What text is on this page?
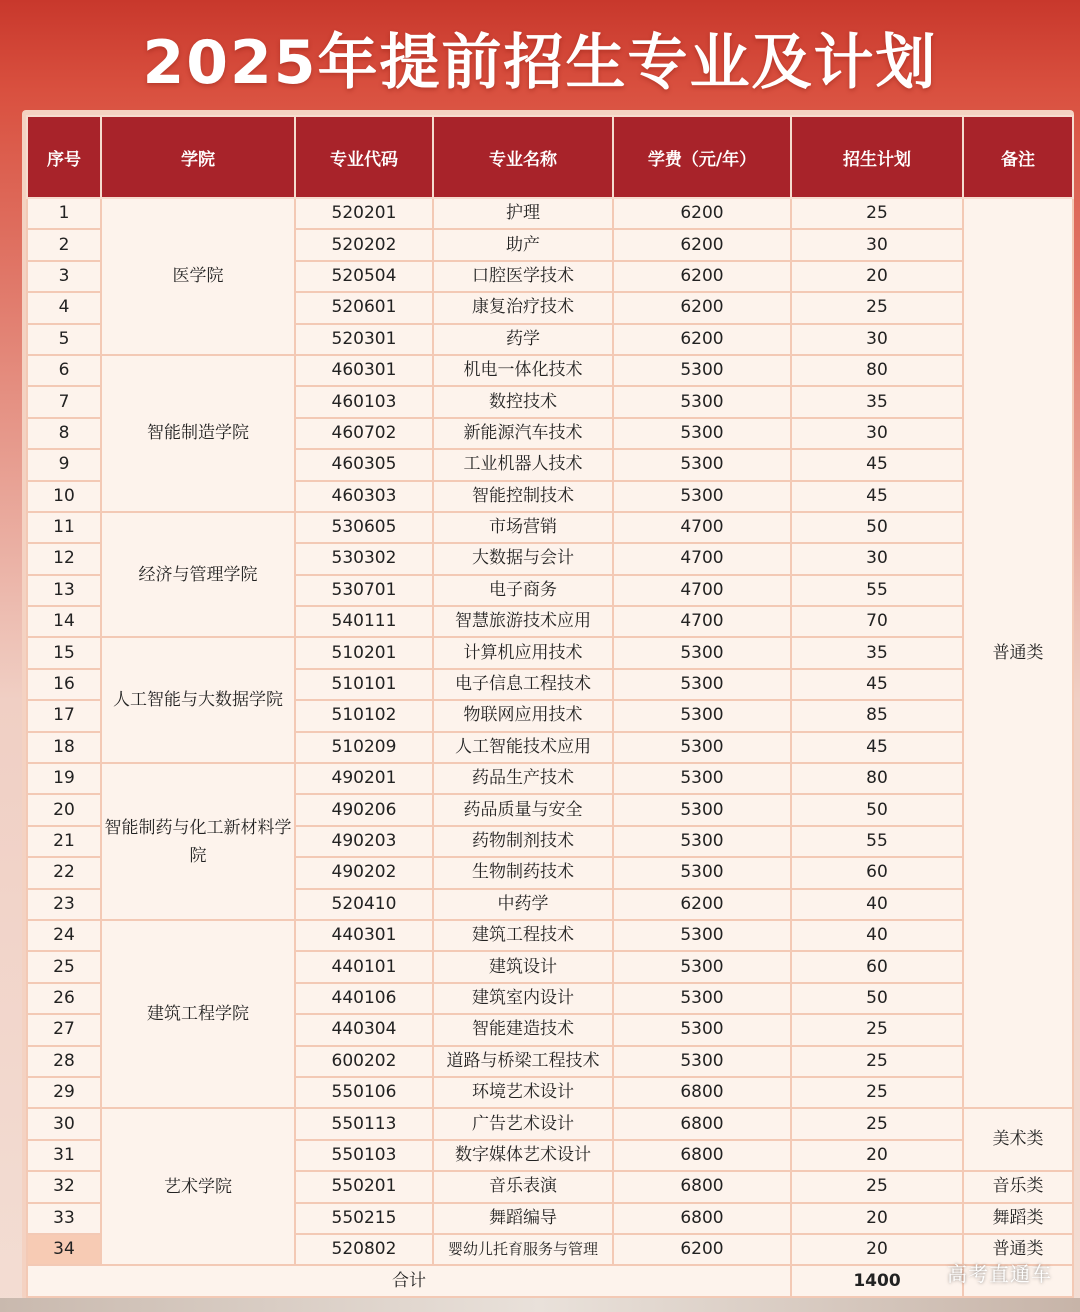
2025年提前招生专业及计划
序号	学院	专业代码	专业名称	学费（元/年）	招生计划	备注
1	医学院	520201	护理	6200	25	普通类
2		520202	助产	6200	30	
3		520504	口腔医学技术	6200	20	
4		520601	康复治疗技术	6200	25	
5		520301	药学	6200	30	
6	智能制造学院	460301	机电一体化技术	5300	80	
7		460103	数控技术	5300	35	
8		460702	新能源汽车技术	5300	30	
9		460305	工业机器人技术	5300	45	
10		460303	智能控制技术	5300	45	
11	经济与管理学院	530605	市场营销	4700	50	
12		530302	大数据与会计	4700	30	
13		530701	电子商务	4700	55	
14		540111	智慧旅游技术应用	4700	70	
15	人工智能与大数据学院	510201	计算机应用技术	5300	35	
16		510101	电子信息工程技术	5300	45	
17		510102	物联网应用技术	5300	85	
18		510209	人工智能技术应用	5300	45	
19	智能制药与化工新材料学院	490201	药品生产技术	5300	80	
20		490206	药品质量与安全	5300	50	
21		490203	药物制剂技术	5300	55	
22		490202	生物制药技术	5300	60	
23		520410	中药学	6200	40	
24	建筑工程学院	440301	建筑工程技术	5300	40	
25		440101	建筑设计	5300	60	
26		440106	建筑室内设计	5300	50	
27		440304	智能建造技术	5300	25	
28		600202	道路与桥梁工程技术	5300	25	
29		550106	环境艺术设计	6800	25	
30	艺术学院	550113	广告艺术设计	6800	25	美术类
31		550103	数字媒体艺术设计	6800	20	
32		550201	音乐表演	6800	25	音乐类
33		550215	舞蹈编导	6800	20	舞蹈类
34		520802	婴幼儿托育服务与管理	6200	20	普通类
合计					1400	高考直通车
